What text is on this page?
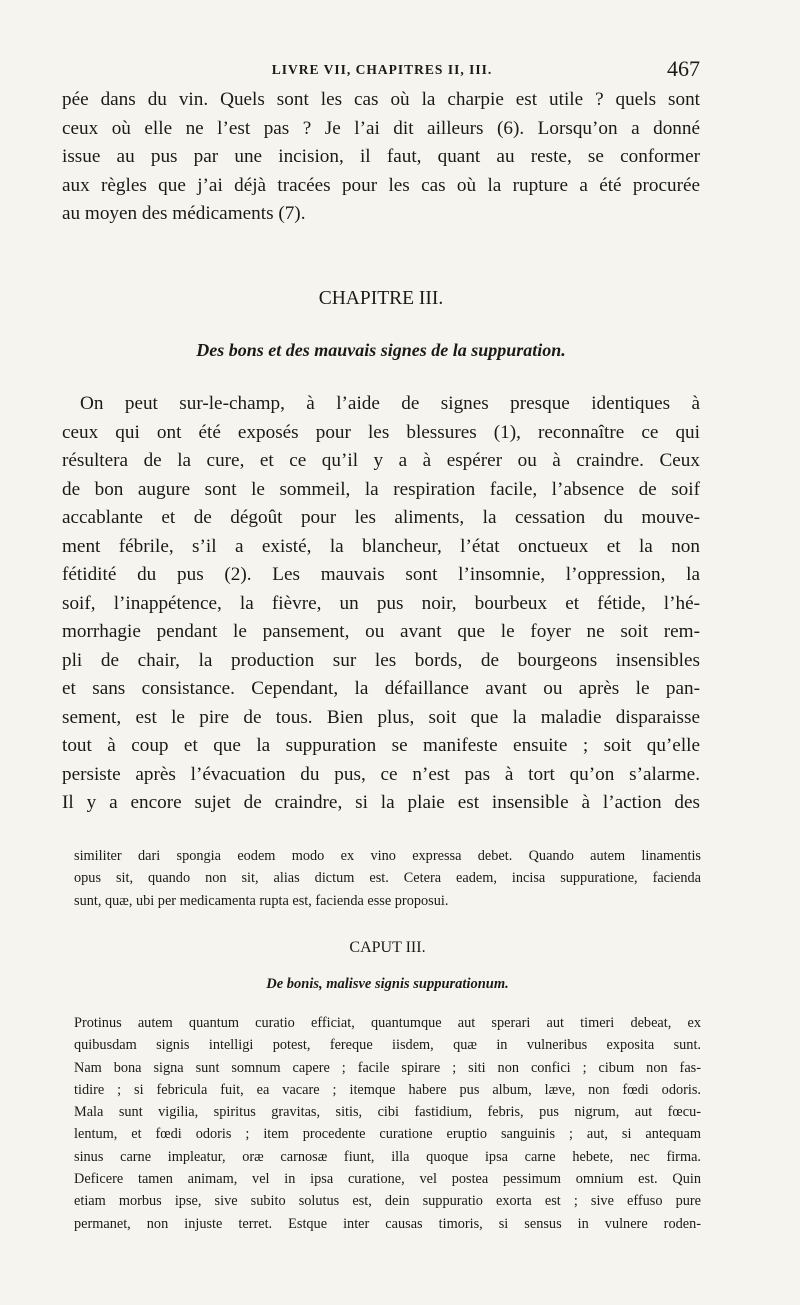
LIVRE VII, CHAPITRES II, III.	467
pée dans du vin. Quels sont les cas où la charpie est utile ? quels sont
ceux où elle ne l’est pas ? Je l’ai dit ailleurs (6). Lorsqu’on a donné
issue au pus par une incision, il faut, quant au reste, se conformer
aux règles que j’ai déjà tracées pour les cas où la rupture a été procurée
au moyen des médicaments (7).
CHAPITRE III.
Des bons et des mauvais signes de la suppuration.
On peut sur-le-champ, à l’aide de signes presque identiques à
ceux qui ont été exposés pour les blessures (1), reconnaître ce qui
résultera de la cure, et ce qu’il y a à espérer ou à craindre. Ceux
de bon augure sont le sommeil, la respiration facile, l’absence de soif
accablante et de dégoût pour les aliments, la cessation du mouve-
ment fébrile, s’il a existé, la blancheur, l’état onctueux et la non
fétidité du pus (2). Les mauvais sont l’insomnie, l’oppression, la
soif, l’inappétence, la fièvre, un pus noir, bourbeux et fétide, l’hé-
morrhagie pendant le pansement, ou avant que le foyer ne soit rem-
pli de chair, la production sur les bords, de bourgeons insensibles
et sans consistance. Cependant, la défaillance avant ou après le pan-
sement, est le pire de tous. Bien plus, soit que la maladie disparaisse
tout à coup et que la suppuration se manifeste ensuite ; soit qu’elle
persiste après l’évacuation du pus, ce n’est pas à tort qu’on s’alarme.
Il y a encore sujet de craindre, si la plaie est insensible à l’action des
similiter dari spongia eodem modo ex vino expressa debet. Quando autem linamentis
opus sit, quando non sit, alias dictum est. Cetera eadem, incisa suppuratione, facienda
sunt, quæ, ubi per medicamenta rupta est, facienda esse proposui.
CAPUT III.
De bonis, malisve signis suppurationum.
Protinus autem quantum curatio efficiat, quantumque aut sperari aut timeri debeat, ex
quibusdam signis intelligi potest, fereque iisdem, quæ in vulneribus exposita sunt.
Nam bona signa sunt somnum capere ; facile spirare ; siti non confici ; cibum non fas-
tidire ; si febricula fuit, ea vacare ; itemque habere pus album, læve, non fœdi odoris.
Mala sunt vigilia, spiritus gravitas, sitis, cibi fastidium, febris, pus nigrum, aut fœcu-
lentum, et fœdi odoris ; item procedente curatione eruptio sanguinis ; aut, si antequam
sinus carne impleatur, oræ carnosæ fiunt, illa quoque ipsa carne hebete, nec firma.
Deficere tamen animam, vel in ipsa curatione, vel postea pessimum omnium est. Quin
etiam morbus ipse, sive subito solutus est, dein suppuratio exorta est ; sive effuso pure
permanet, non injuste terret. Estque inter causas timoris, si sensus in vulnere roden-
